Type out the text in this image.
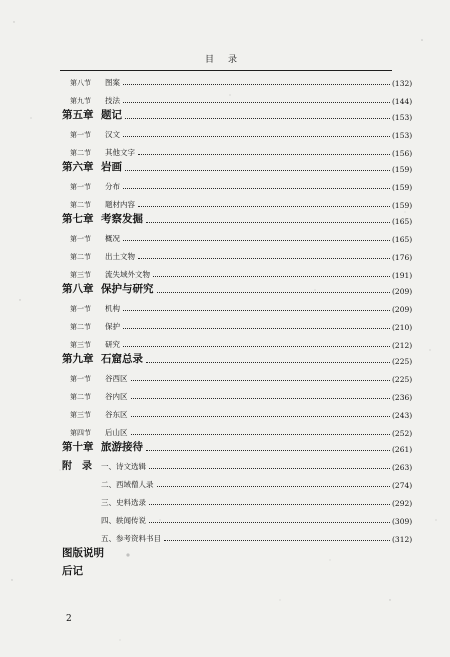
目录
第八节	图案	(132)
第九节	技法	(144)
第五章 题记	(153)
第一节	汉文	(153)
第二节	其他文字	(156)
第六章 岩画	(159)
第一节	分布	(159)
第二节	题材内容	(159)
第七章 考察发掘	(165)
第一节	概况	(165)
第二节	出土文物	(176)
第三节	流失域外文物	(191)
第八章 保护与研究	(209)
第一节	机构	(209)
第二节	保护	(210)
第三节	研究	(212)
第九章 石窟总录	(225)
第一节	谷西区	(225)
第二节	谷内区	(236)
第三节	谷东区	(243)
第四节	后山区	(252)
第十章 旅游接待	(261)
附　录	一、诗文选辑	(263)
二、西域僧人录	(274)
三、史料选录	(292)
四、轶闻传说	(309)
五、参考资料书目	(312)
图版说明
后记
2
